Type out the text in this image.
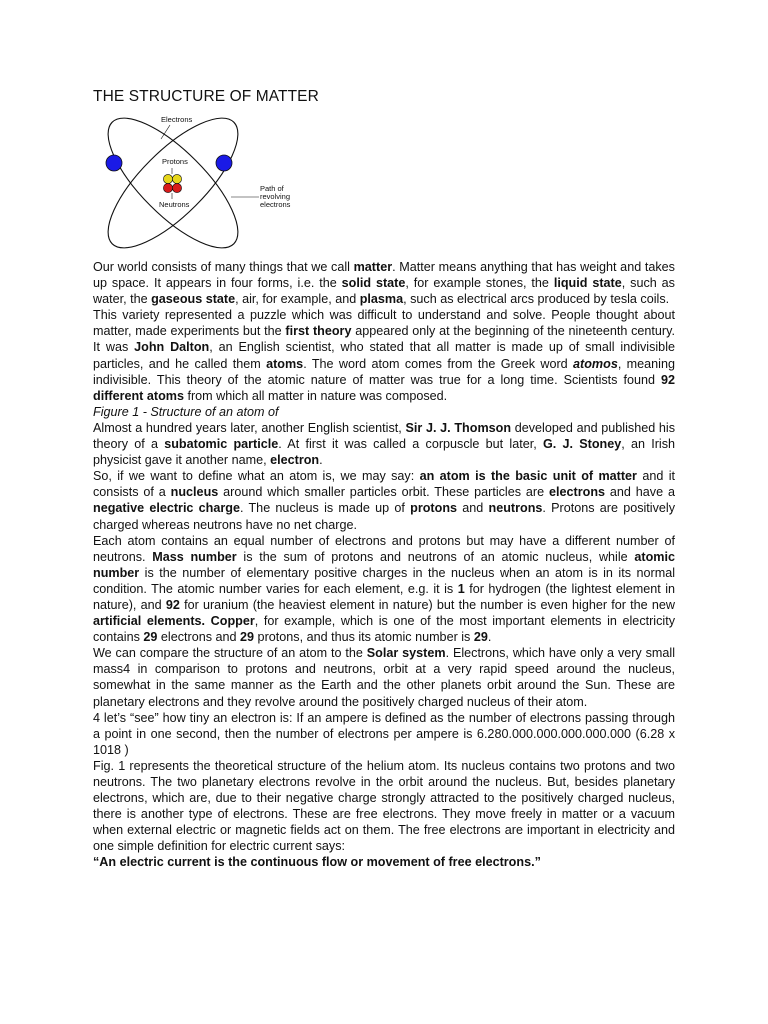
THE STRUCTURE OF MATTER
Electrons
Protons
Neutrons
Path of
revolving
electrons

Our world consists of many things that we call matter. Matter means anything that has weight and takes up space. It appears in four forms, i.e. the solid state, for example stones, the liquid state, such as water, the gaseous state, air, for example, and plasma, such as electrical arcs produced by tesla coils.

This variety represented a puzzle which was difficult to understand and solve. People thought about matter, made experiments but the first theory appeared only at the beginning of the nineteenth century. It was John Dalton, an English scientist, who stated that all matter is made up of small indivisible particles, and he called them atoms. The word atom comes from the Greek word atomos, meaning indivisible. This theory of the atomic nature of matter was true for a long time. Scientists found 92 different atoms from which all matter in nature was composed.

Figure 1 - Structure of an atom of

Almost a hundred years later, another English scientist, Sir J. J. Thomson developed and published his theory of a subatomic particle. At first it was called a corpuscle but later, G. J. Stoney, an Irish physicist gave it another name, electron.

So, if we want to define what an atom is, we may say: an atom is the basic unit of matter and it consists of a nucleus around which smaller particles orbit. These particles are electrons and have a negative electric charge. The nucleus is made up of protons and neutrons. Protons are positively charged whereas neutrons have no net charge.

Each atom contains an equal number of electrons and protons but may have a different number of neutrons. Mass number is the sum of protons and neutrons of an atomic nucleus, while atomic number is the number of elementary positive charges in the nucleus when an atom is in its normal condition. The atomic number varies for each element, e.g. it is 1 for hydrogen (the lightest element in nature), and 92 for uranium (the heaviest element in nature) but the number is even higher for the new artificial elements. Copper, for example, which is one of the most important elements in electricity contains 29 electrons and 29 protons, and thus its atomic number is 29.

We can compare the structure of an atom to the Solar system. Electrons, which have only a very small mass4 in comparison to protons and neutrons, orbit at a very rapid speed around the nucleus, somewhat in the same manner as the Earth and the other planets orbit around the Sun. These are planetary electrons and they revolve around the positively charged nucleus of their atom.

4 let’s “see” how tiny an electron is: If an ampere is defined as the number of electrons passing through a point in one second, then the number of electrons per ampere is 6.280.000.000.000.000.000 (6.28 x 1018 )

Fig. 1 represents the theoretical structure of the helium atom. Its nucleus contains two protons and two neutrons. The two planetary electrons revolve in the orbit around the nucleus. But, besides planetary electrons, which are, due to their negative charge strongly attracted to the positively charged nucleus, there is another type of electrons. These are free electrons. They move freely in matter or a vacuum when external electric or magnetic fields act on them. The free electrons are important in electricity and one simple definition for electric current says:

“An electric current is the continuous flow or movement of free electrons.”
